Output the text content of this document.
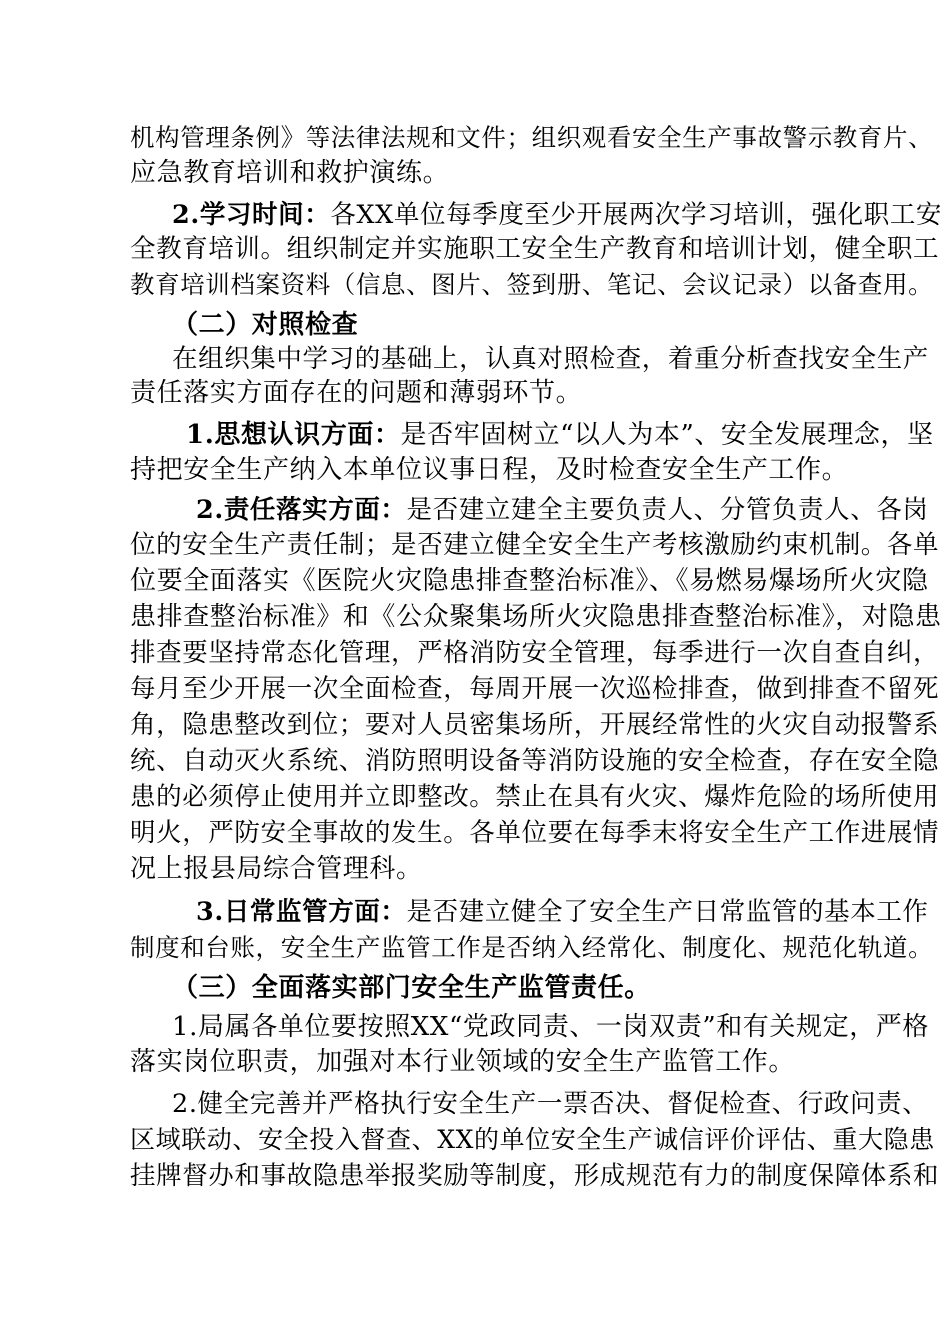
机构管理条例》等法律法规和文件；组织观看安全生产事故警示教育片、
应急教育培训和救护演练。
2.学习时间：各XX单位每季度至少开展两次学习培训，强化职工安
全教育培训。组织制定并实施职工安全生产教育和培训计划，健全职工
教育培训档案资料（信息、图片、签到册、笔记、会议记录）以备查用。
（二）对照检查
在组织集中学习的基础上，认真对照检查，着重分析查找安全生产
责任落实方面存在的问题和薄弱环节。
1.思想认识方面：是否牢固树立“以人为本”、安全发展理念，坚
持把安全生产纳入本单位议事日程，及时检查安全生产工作。
2.责任落实方面：是否建立建全主要负责人、分管负责人、各岗
位的安全生产责任制；是否建立健全安全生产考核激励约束机制。各单
位要全面落实《医院火灾隐患排查整治标准》、《易燃易爆场所火灾隐
患排查整治标准》和《公众聚集场所火灾隐患排查整治标准》，对隐患
排查要坚持常态化管理，严格消防安全管理，每季进行一次自查自纠，
每月至少开展一次全面检查，每周开展一次巡检排查，做到排查不留死
角，隐患整改到位；要对人员密集场所，开展经常性的火灾自动报警系
统、自动灭火系统、消防照明设备等消防设施的安全检查，存在安全隐
患的必须停止使用并立即整改。禁止在具有火灾、爆炸危险的场所使用
明火，严防安全事故的发生。各单位要在每季末将安全生产工作进展情
况上报县局综合管理科。
3.日常监管方面：是否建立健全了安全生产日常监管的基本工作
制度和台账，安全生产监管工作是否纳入经常化、制度化、规范化轨道。
（三）全面落实部门安全生产监管责任。
1.局属各单位要按照XX“党政同责、一岗双责”和有关规定，严格
落实岗位职责，加强对本行业领域的安全生产监管工作。
2.健全完善并严格执行安全生产一票否决、督促检查、行政问责、
区域联动、安全投入督查、XX的单位安全生产诚信评价评估、重大隐患
挂牌督办和事故隐患举报奖励等制度，形成规范有力的制度保障体系和
